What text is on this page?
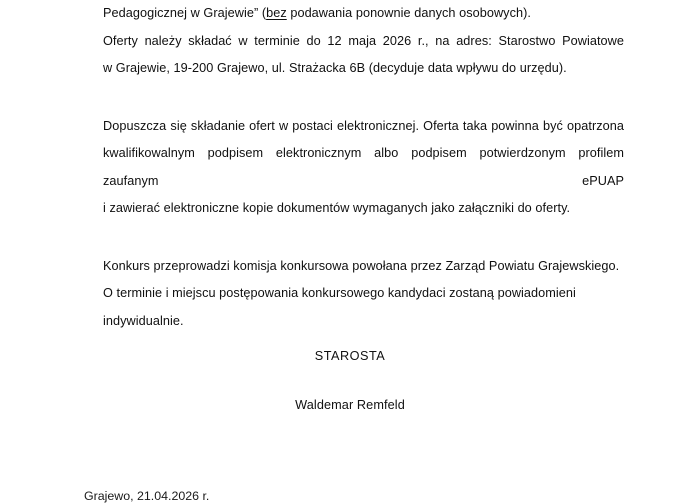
Pedagogicznej w Grajewie” (bez podawania ponownie danych osobowych).
Oferty należy składać w terminie do 12 maja 2026 r., na adres: Starostwo Powiatowe
w Grajewie, 19-200 Grajewo, ul. Strażacka 6B (decyduje data wpływu do urzędu).
Dopuszcza się składanie ofert w postaci elektronicznej. Oferta taka powinna być opatrzona
kwalifikowalnym podpisem elektronicznym albo podpisem potwierdzonym profilem zaufanym ePUAP
i zawierać elektroniczne kopie dokumentów wymaganych jako załączniki do oferty.
Konkurs przeprowadzi komisja konkursowa powołana przez Zarząd Powiatu Grajewskiego.
O terminie i miejscu postępowania konkursowego kandydaci zostaną powiadomieni indywidualnie.
STAROSTA
Waldemar Remfeld
Grajewo, 21.04.2026 r.
